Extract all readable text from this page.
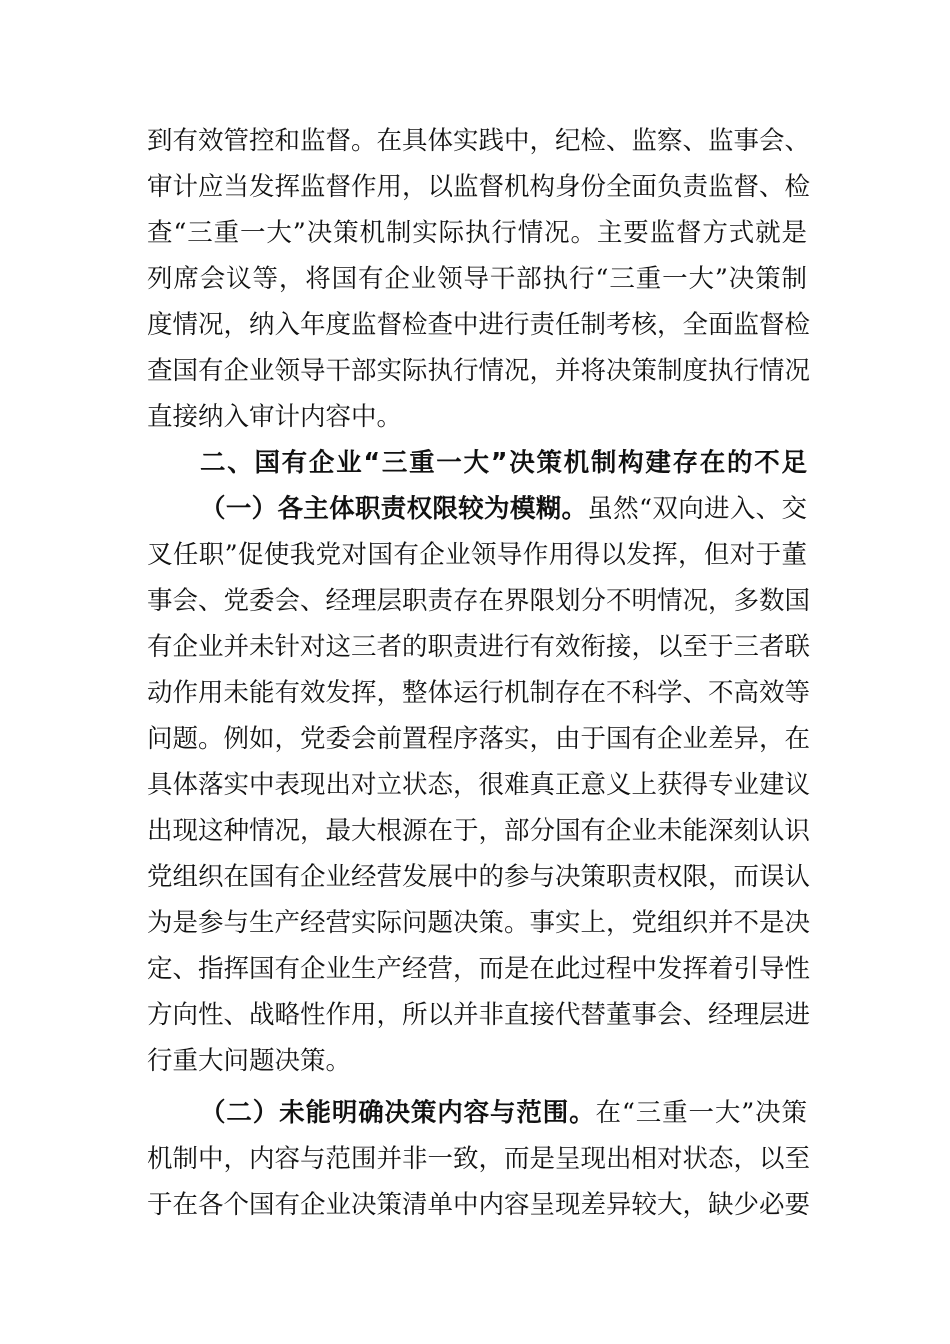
到有效管控和监督。在具体实践中，纪检、监察、监事会、
审计应当发挥监督作用，以监督机构身份全面负责监督、检
查“三重一大”决策机制实际执行情况。主要监督方式就是
列席会议等，将国有企业领导干部执行“三重一大”决策制
度情况，纳入年度监督检查中进行责任制考核，全面监督检
查国有企业领导干部实际执行情况，并将决策制度执行情况
直接纳入审计内容中。
二、国有企业“三重一大”决策机制构建存在的不足
（一）各主体职责权限较为模糊。虽然“双向进入、交
叉任职”促使我党对国有企业领导作用得以发挥，但对于董
事会、党委会、经理层职责存在界限划分不明情况，多数国
有企业并未针对这三者的职责进行有效衔接，以至于三者联
动作用未能有效发挥，整体运行机制存在不科学、不高效等
问题。例如，党委会前置程序落实，由于国有企业差异，在
具体落实中表现出对立状态，很难真正意义上获得专业建议
出现这种情况，最大根源在于，部分国有企业未能深刻认识
党组织在国有企业经营发展中的参与决策职责权限，而误认
为是参与生产经营实际问题决策。事实上，党组织并不是决
定、指挥国有企业生产经营，而是在此过程中发挥着引导性
方向性、战略性作用，所以并非直接代替董事会、经理层进
行重大问题决策。
（二）未能明确决策内容与范围。在“三重一大”决策
机制中，内容与范围并非一致，而是呈现出相对状态，以至
于在各个国有企业决策清单中内容呈现差异较大，缺少必要
